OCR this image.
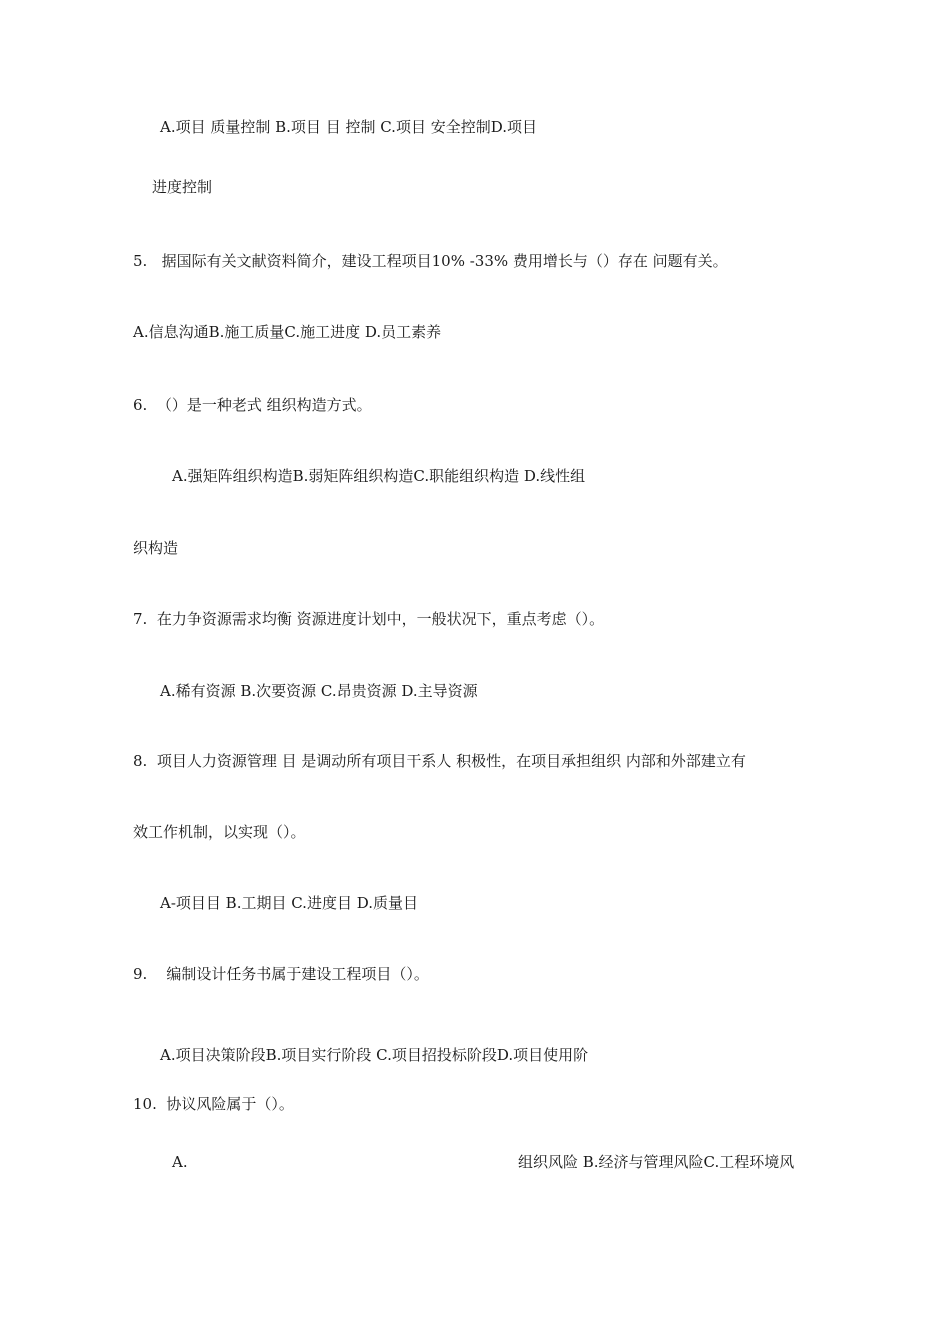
A.项目 质量控制 B.项目 目 控制 C.项目 安全控制D.项目
进度控制
5.   据国际有关文献资料简介，建设工程项目10% -33% 费用增长与（）存在 问题有关。
A.信息沟通B.施工质量C.施工进度 D.员工素养
6.  （）是一种老式 组织构造方式。
A.强矩阵组织构造B.弱矩阵组织构造C.职能组织构造 D.线性组
织构造
7.  在力争资源需求均衡 资源进度计划中，一般状况下，重点考虑（）。
A.稀有资源 B.次要资源 C.昂贵资源 D.主导资源
8.  项目人力资源管理 目 是调动所有项目干系人 积极性，在项目承担组织 内部和外部建立有
效工作机制，以实现（）。
A-项目目 B.工期目 C.进度目 D.质量目
9.    编制设计任务书属于建设工程项目（）。
A.项目决策阶段B.项目实行阶段 C.项目招投标阶段D.项目使用阶
10.  协议风险属于（）。
A.	组织风险 B.经济与管理风险C.工程环境风
